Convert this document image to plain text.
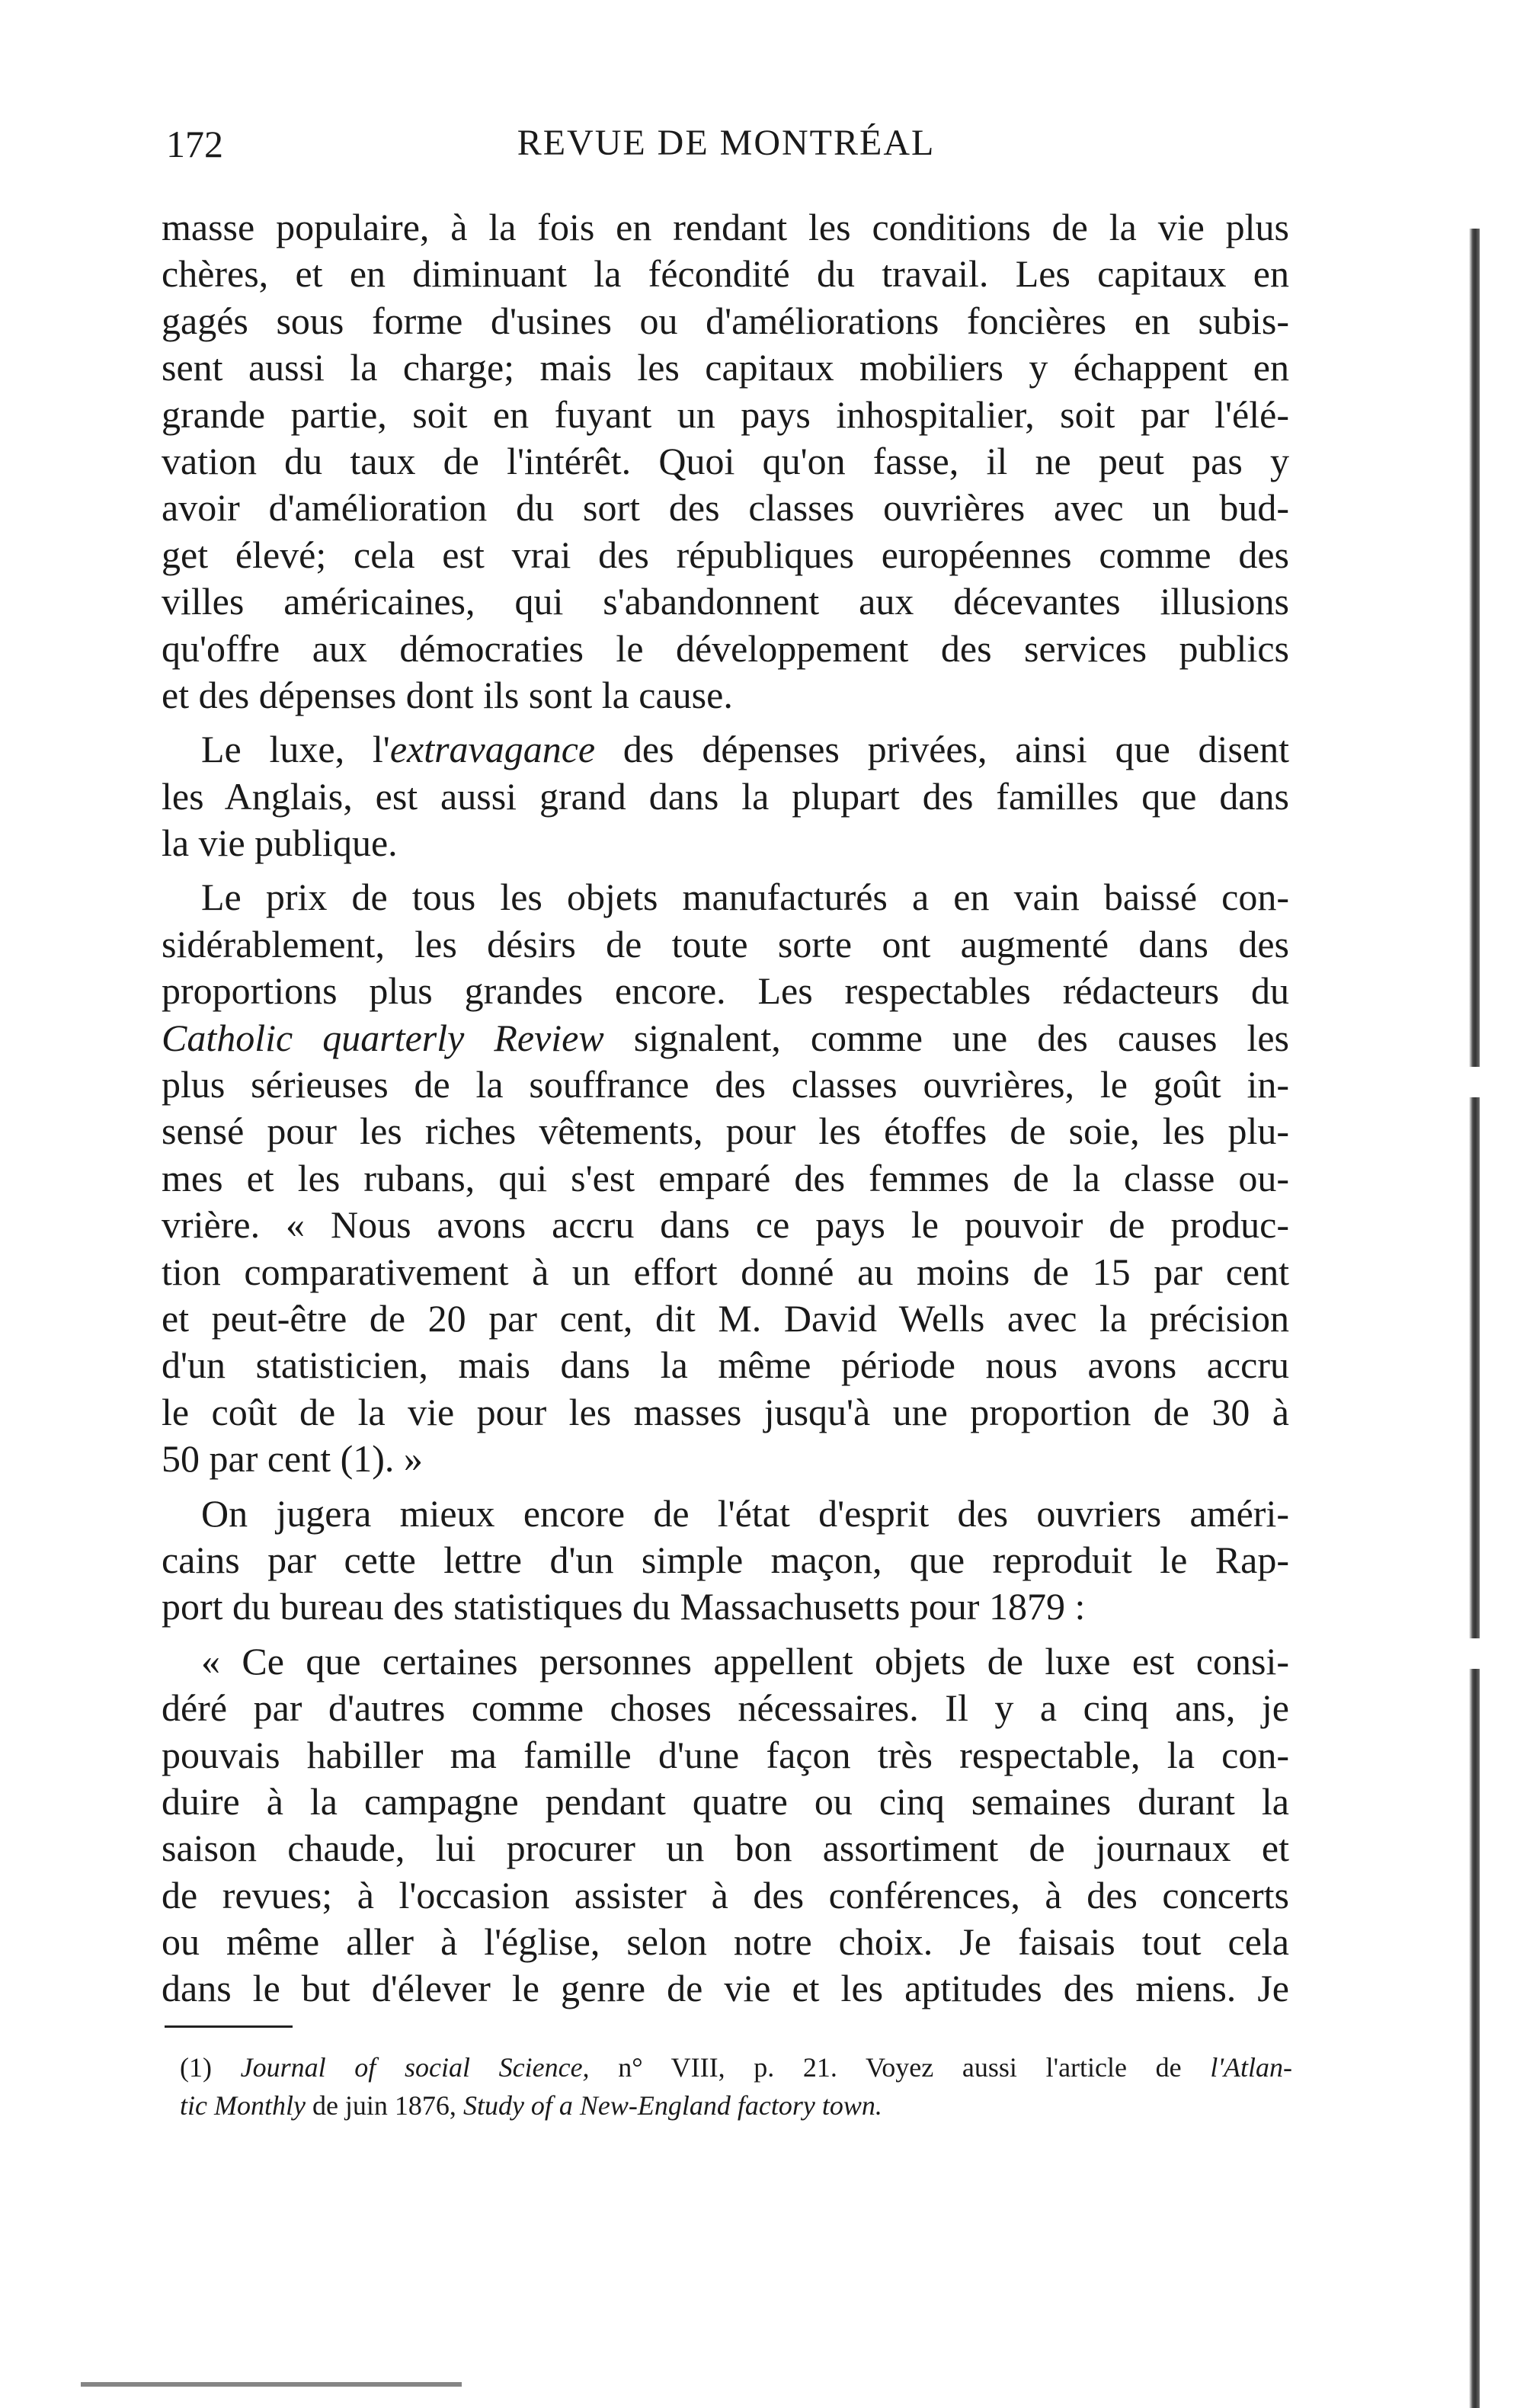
172	REVUE DE MONTRÉAL
masse populaire, à la fois en rendant les conditions de la vie plus
chères, et en diminuant la fécondité du travail. Les capitaux en
gagés sous forme d'usines ou d'améliorations foncières en subis-
sent aussi la charge; mais les capitaux mobiliers y échappent en
grande partie, soit en fuyant un pays inhospitalier, soit par l'élé-
vation du taux de l'intérêt. Quoi qu'on fasse, il ne peut pas y
avoir d'amélioration du sort des classes ouvrières avec un bud-
get élevé; cela est vrai des républiques européennes comme des
villes américaines, qui s'abandonnent aux décevantes illusions
qu'offre aux démocraties le développement des services publics
et des dépenses dont ils sont la cause.
Le luxe, l'extravagance des dépenses privées, ainsi que disent
les Anglais, est aussi grand dans la plupart des familles que dans
la vie publique.
Le prix de tous les objets manufacturés a en vain baissé con-
sidérablement, les désirs de toute sorte ont augmenté dans des
proportions plus grandes encore. Les respectables rédacteurs du
Catholic quarterly Review signalent, comme une des causes les
plus sérieuses de la souffrance des classes ouvrières, le goût in-
sensé pour les riches vêtements, pour les étoffes de soie, les plu-
mes et les rubans, qui s'est emparé des femmes de la classe ou-
vrière. « Nous avons accru dans ce pays le pouvoir de produc-
tion comparativement à un effort donné au moins de 15 par cent
et peut-être de 20 par cent, dit M. David Wells avec la précision
d'un statisticien, mais dans la même période nous avons accru
le coût de la vie pour les masses jusqu'à une proportion de 30 à
50 par cent (1). »
On jugera mieux encore de l'état d'esprit des ouvriers améri-
cains par cette lettre d'un simple maçon, que reproduit le Rap-
port du bureau des statistiques du Massachusetts pour 1879 :
« Ce que certaines personnes appellent objets de luxe est consi-
déré par d'autres comme choses nécessaires. Il y a cinq ans, je
pouvais habiller ma famille d'une façon très respectable, la con-
duire à la campagne pendant quatre ou cinq semaines durant la
saison chaude, lui procurer un bon assortiment de journaux et
de revues; à l'occasion assister à des conférences, à des concerts
ou même aller à l'église, selon notre choix. Je faisais tout cela
dans le but d'élever le genre de vie et les aptitudes des miens. Je
(1) Journal of social Science, n° VIII, p. 21. Voyez aussi l'article de l'Atlan-
tic Monthly de juin 1876, Study of a New-England factory town.
